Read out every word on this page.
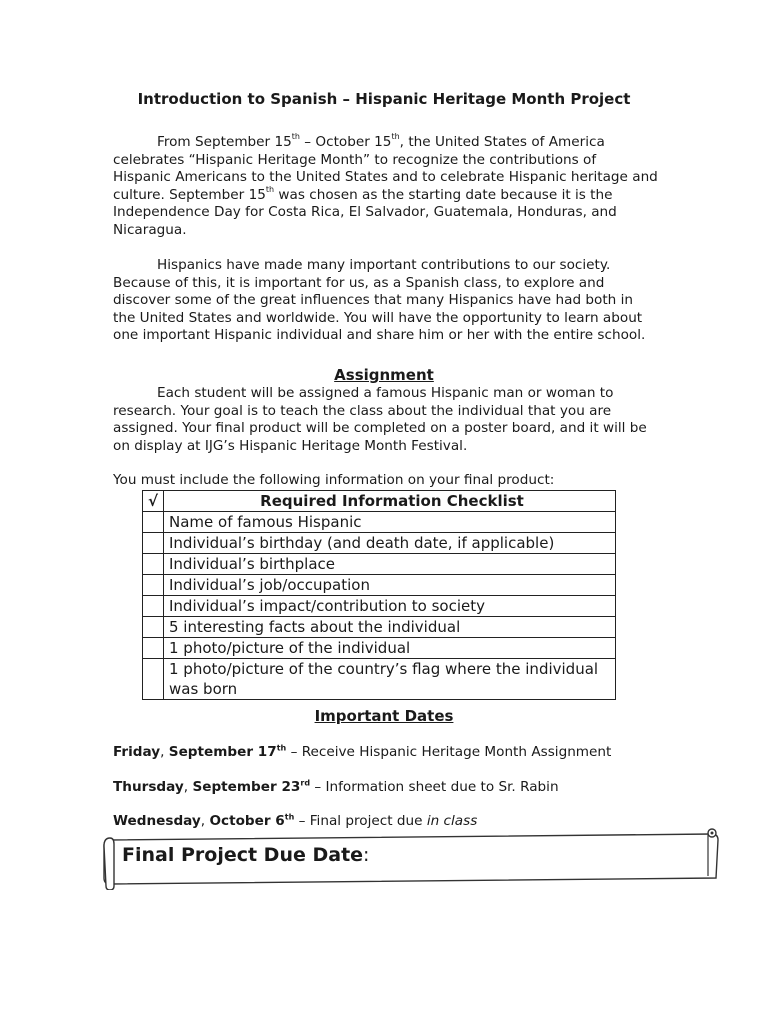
Introduction to Spanish – Hispanic Heritage Month Project
From September 15th – October 15th, the United States of America celebrates “Hispanic Heritage Month” to recognize the contributions of Hispanic Americans to the United States and to celebrate Hispanic heritage and culture. September 15th was chosen as the starting date because it is the Independence Day for Costa Rica, El Salvador, Guatemala, Honduras, and Nicaragua.
Hispanics have made many important contributions to our society. Because of this, it is important for us, as a Spanish class, to explore and discover some of the great influences that many Hispanics have had both in the United States and worldwide. You will have the opportunity to learn about one important Hispanic individual and share him or her with the entire school.
Assignment
Each student will be assigned a famous Hispanic man or woman to research. Your goal is to teach the class about the individual that you are assigned. Your final product will be completed on a poster board, and it will be on display at IJG’s Hispanic Heritage Month Festival.
You must include the following information on your final product:
√	Required Information Checklist
	Name of famous Hispanic
	Individual’s birthday (and death date, if applicable)
	Individual’s birthplace
	Individual’s job/occupation
	Individual’s impact/contribution to society
	5 interesting facts about the individual
	1 photo/picture of the individual
	1 photo/picture of the country’s flag where the individual was born
Important Dates
Friday, September 17th – Receive Hispanic Heritage Month Assignment
Thursday, September 23rd – Information sheet due to Sr. Rabin
Wednesday, October 6th – Final project due in class
Final Project Due Date:
